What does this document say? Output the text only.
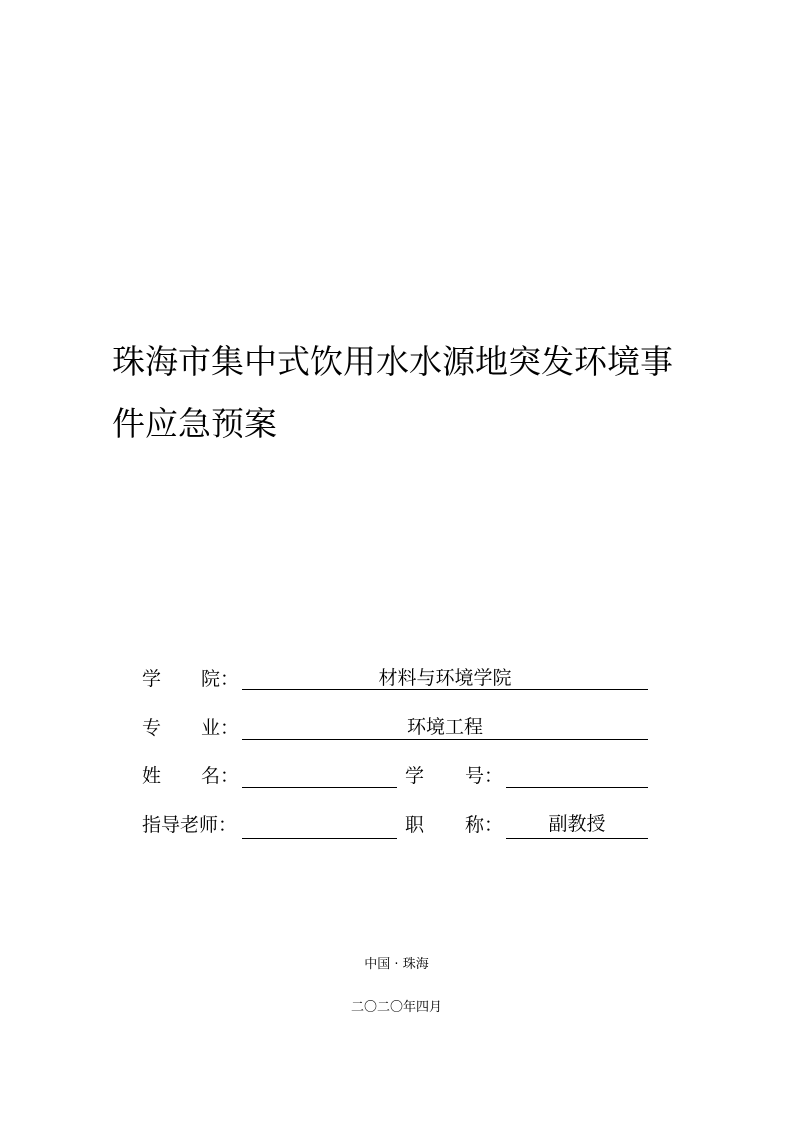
珠海市集中式饮用水水源地突发环境事
件应急预案
学 院：	材料与环境学院
专 业：	环境工程
姓 名：	学 号：
指导老师：	职 称：	副教授
中国 · 珠海
二〇二〇年四月
